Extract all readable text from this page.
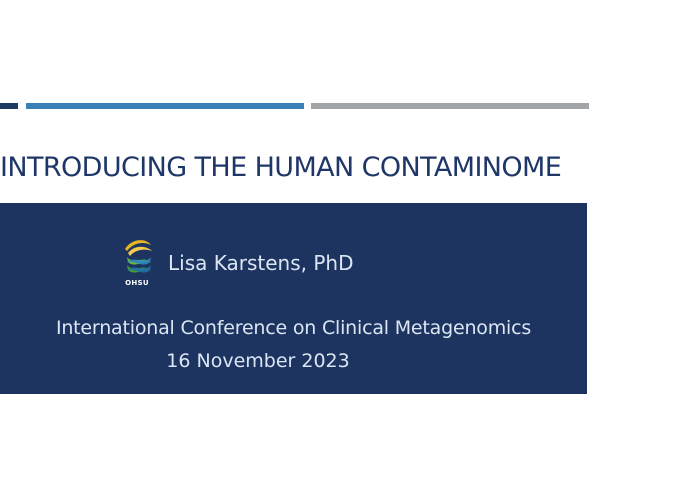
INTRODUCING THE HUMAN CONTAMINOME
OHSU
Lisa Karstens, PhD
International Conference on Clinical Metagenomics
16 November 2023
